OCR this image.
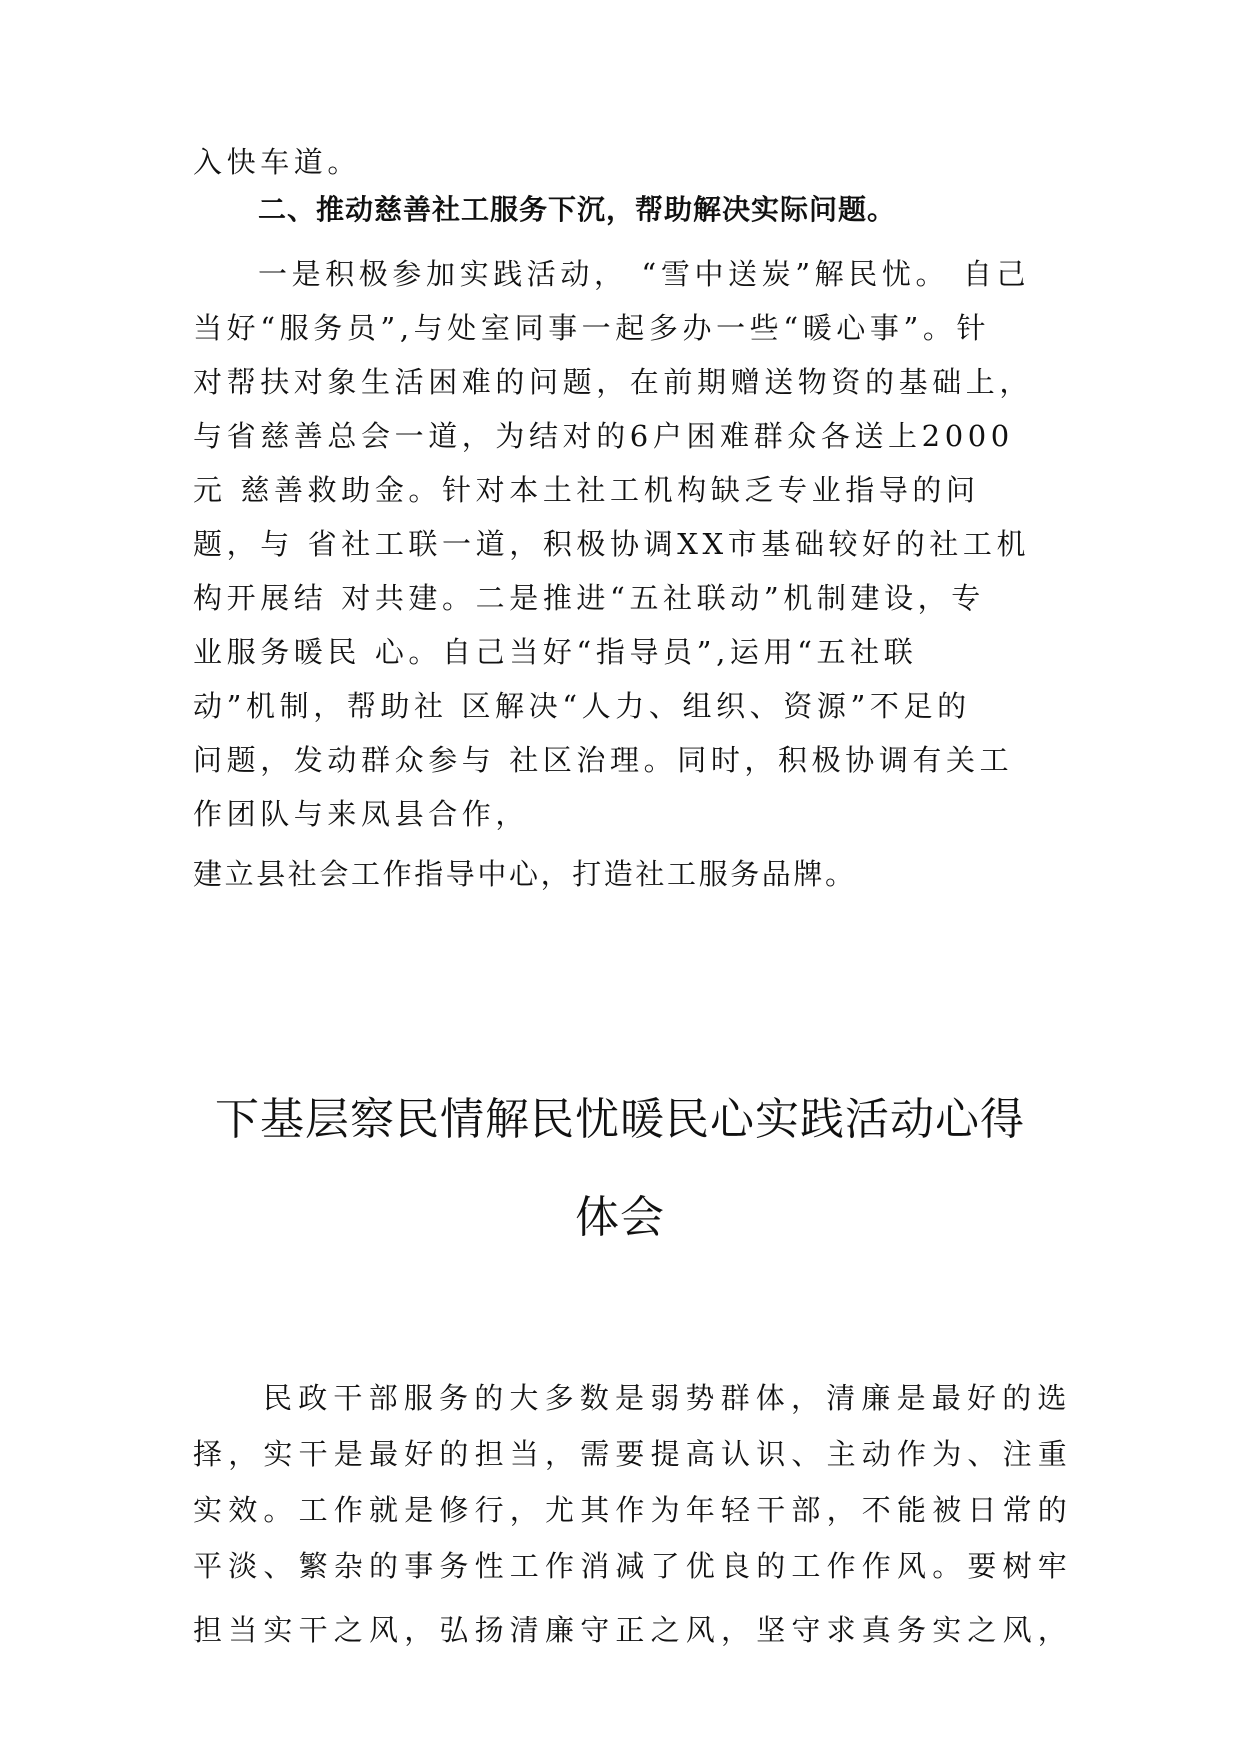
入快车道。
二、推动慈善社工服务下沉，帮助解决实际问题。
一是积极参加实践活动， “雪中送炭”解民忧。 自己
当好“服务员”,与处室同事一起多办一些“暖心事”。针
对帮扶对象生活困难的问题，在前期赠送物资的基础上，
与省慈善总会一道，为结对的6户困难群众各送上2000
元 慈善救助金。针对本土社工机构缺乏专业指导的问
题，与 省社工联一道，积极协调XX市基础较好的社工机
构开展结 对共建。二是推进“五社联动”机制建设，专
业服务暖民 心。自己当好“指导员”,运用“五社联
动”机制，帮助社 区解决“人力、组织、资源”不足的
问题，发动群众参与 社区治理。同时，积极协调有关工
作团队与来凤县合作，
建立县社会工作指导中心，打造社工服务品牌。
下基层察民情解民忧暖民心实践活动心得
体会
民政干部服务的大多数是弱势群体，清廉是最好的选
择，实干是最好的担当，需要提高认识、主动作为、注重
实效。工作就是修行，尤其作为年轻干部，不能被日常的
平淡、繁杂的事务性工作消减了优良的工作作风。要树牢
担当实干之风，弘扬清廉守正之风，坚守求真务实之风，
